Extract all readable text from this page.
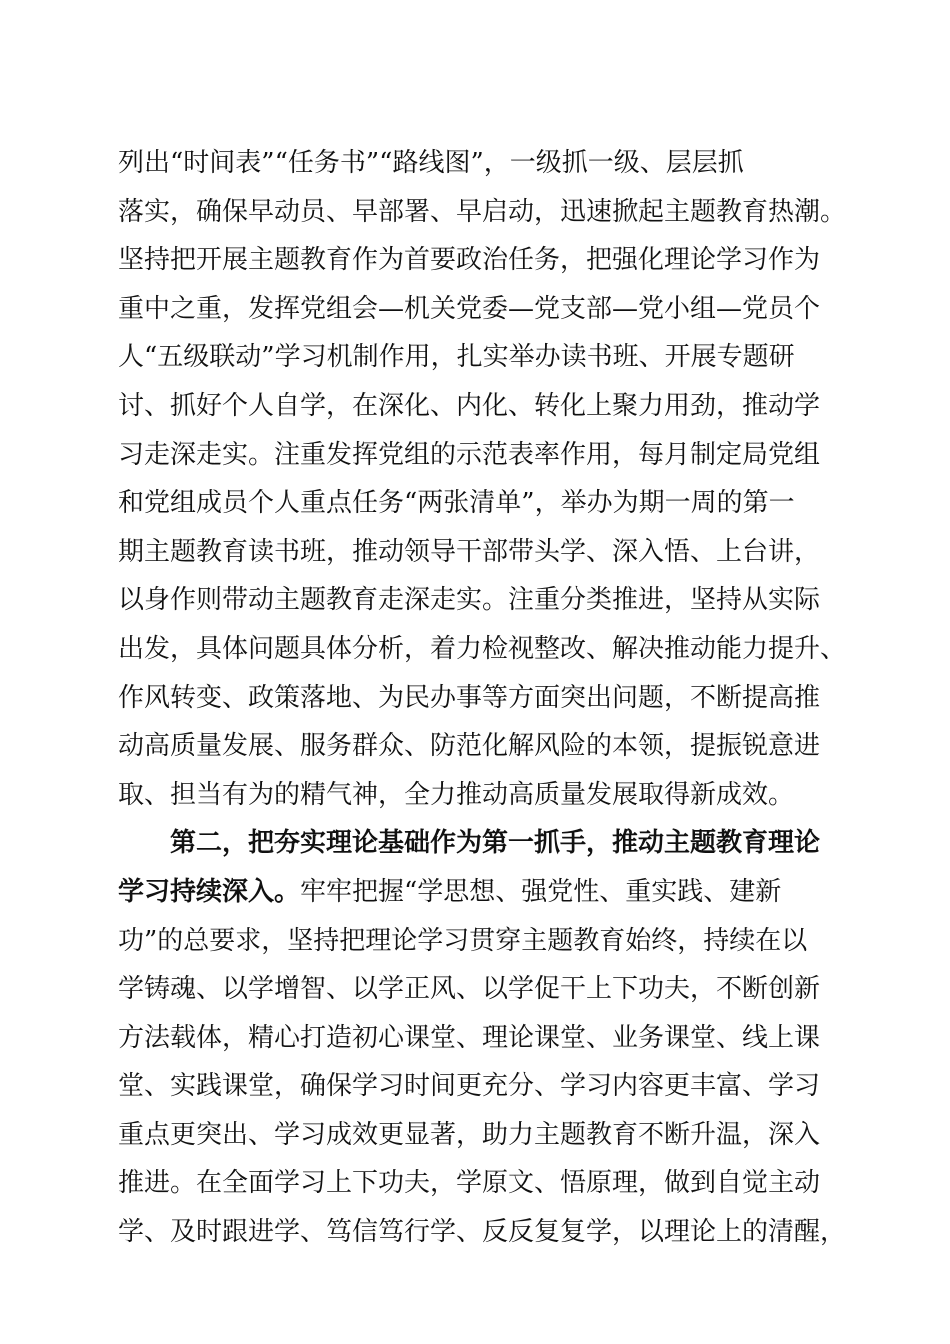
列出“时间表”“任务书”“路线图”，一级抓一级、层层抓
落实，确保早动员、早部署、早启动，迅速掀起主题教育热潮。
坚持把开展主题教育作为首要政治任务，把强化理论学习作为
重中之重，发挥党组会—机关党委—党支部—党小组—党员个
人“五级联动”学习机制作用，扎实举办读书班、开展专题研
讨、抓好个人自学，在深化、内化、转化上聚力用劲，推动学
习走深走实。注重发挥党组的示范表率作用，每月制定局党组
和党组成员个人重点任务“两张清单”，举办为期一周的第一
期主题教育读书班，推动领导干部带头学、深入悟、上台讲，
以身作则带动主题教育走深走实。注重分类推进，坚持从实际
出发，具体问题具体分析，着力检视整改、解决推动能力提升、
作风转变、政策落地、为民办事等方面突出问题，不断提高推
动高质量发展、服务群众、防范化解风险的本领，提振锐意进
取、担当有为的精气神，全力推动高质量发展取得新成效。
第二，把夯实理论基础作为第一抓手，推动主题教育理论
学习持续深入。牢牢把握“学思想、强党性、重实践、建新
功”的总要求，坚持把理论学习贯穿主题教育始终，持续在以
学铸魂、以学增智、以学正风、以学促干上下功夫，不断创新
方法载体，精心打造初心课堂、理论课堂、业务课堂、线上课
堂、实践课堂，确保学习时间更充分、学习内容更丰富、学习
重点更突出、学习成效更显著，助力主题教育不断升温，深入
推进。在全面学习上下功夫，学原文、悟原理，做到自觉主动
学、及时跟进学、笃信笃行学、反反复复学，以理论上的清醒，
